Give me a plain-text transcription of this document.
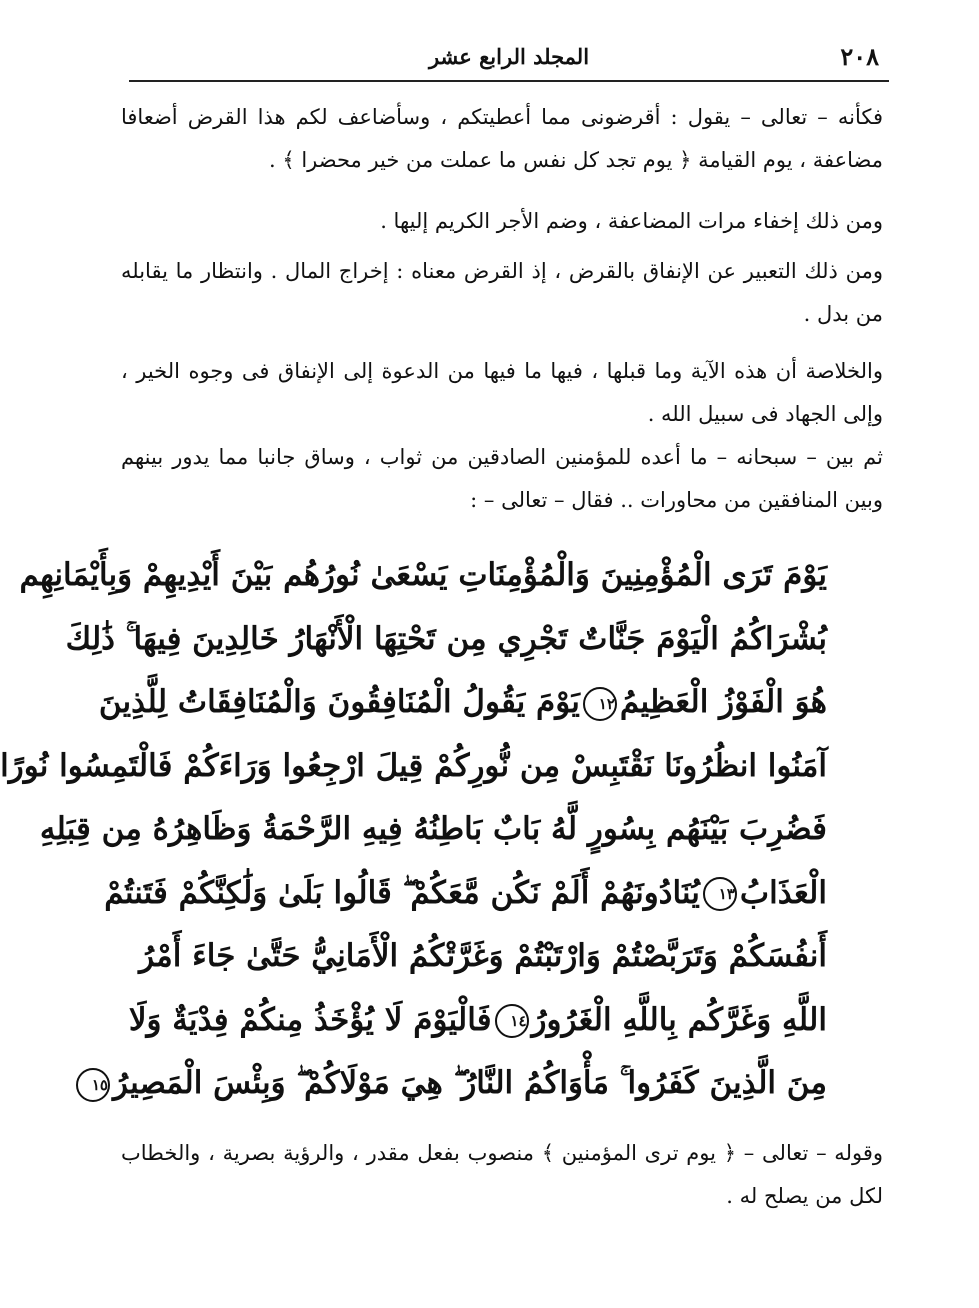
٢٠٨
المجلد الرابع عشر

فكأنه – تعالى – يقول : أقرضونى مما أعطيتكم ، وسأضاعف لكم هذا القرض أضعافا مضاعفة ، يوم القيامة ﴿ يوم تجد كل نفس ما عملت من خير محضرا ﴾ .

ومن ذلك إخفاء مرات المضاعفة ، وضم الأجر الكريم إليها .

ومن ذلك التعبير عن الإنفاق بالقرض ، إذ القرض معناه : إخراج المال . وانتظار ما يقابله من بدل .

والخلاصة أن هذه الآية وما قبلها ، فيها ما فيها من الدعوة إلى الإنفاق فى وجوه الخير ، وإلى الجهاد فى سبيل الله .

ثم بين – سبحانه – ما أعده للمؤمنين الصادقين من ثواب ، وساق جانبا مما يدور بينهم وبين المنافقين من محاورات .. فقال – تعالى – :

يَوْمَ تَرَى الْمُؤْمِنِينَ وَالْمُؤْمِنَاتِ يَسْعَىٰ نُورُهُم بَيْنَ أَيْدِيهِمْ وَبِأَيْمَانِهِم
بُشْرَاكُمُ الْيَوْمَ جَنَّاتٌ تَجْرِي مِن تَحْتِهَا الْأَنْهَارُ خَالِدِينَ فِيهَا ۚ ذَٰلِكَ
هُوَ الْفَوْزُ الْعَظِيمُ١٢يَوْمَ يَقُولُ الْمُنَافِقُونَ وَالْمُنَافِقَاتُ لِلَّذِينَ
آمَنُوا انظُرُونَا نَقْتَبِسْ مِن نُّورِكُمْ قِيلَ ارْجِعُوا وَرَاءَكُمْ فَالْتَمِسُوا نُورًا
فَضُرِبَ بَيْنَهُم بِسُورٍ لَّهُ بَابٌ بَاطِنُهُ فِيهِ الرَّحْمَةُ وَظَاهِرُهُ مِن قِبَلِهِ
الْعَذَابُ١٣يُنَادُونَهُمْ أَلَمْ نَكُن مَّعَكُمْ ۖ قَالُوا بَلَىٰ وَلَٰكِنَّكُمْ فَتَنتُمْ
أَنفُسَكُمْ وَتَرَبَّصْتُمْ وَارْتَبْتُمْ وَغَرَّتْكُمُ الْأَمَانِيُّ حَتَّىٰ جَاءَ أَمْرُ
اللَّهِ وَغَرَّكُم بِاللَّهِ الْغَرُورُ١٤فَالْيَوْمَ لَا يُؤْخَذُ مِنكُمْ فِدْيَةٌ وَلَا
مِنَ الَّذِينَ كَفَرُوا ۚ مَأْوَاكُمُ النَّارُ ۖ هِيَ مَوْلَاكُمْ ۖ وَبِئْسَ الْمَصِيرُ١٥

وقوله – تعالى – ﴿ يوم ترى المؤمنين ﴾ منصوب بفعل مقدر ، والرؤية بصرية ، والخطاب لكل من يصلح له .
